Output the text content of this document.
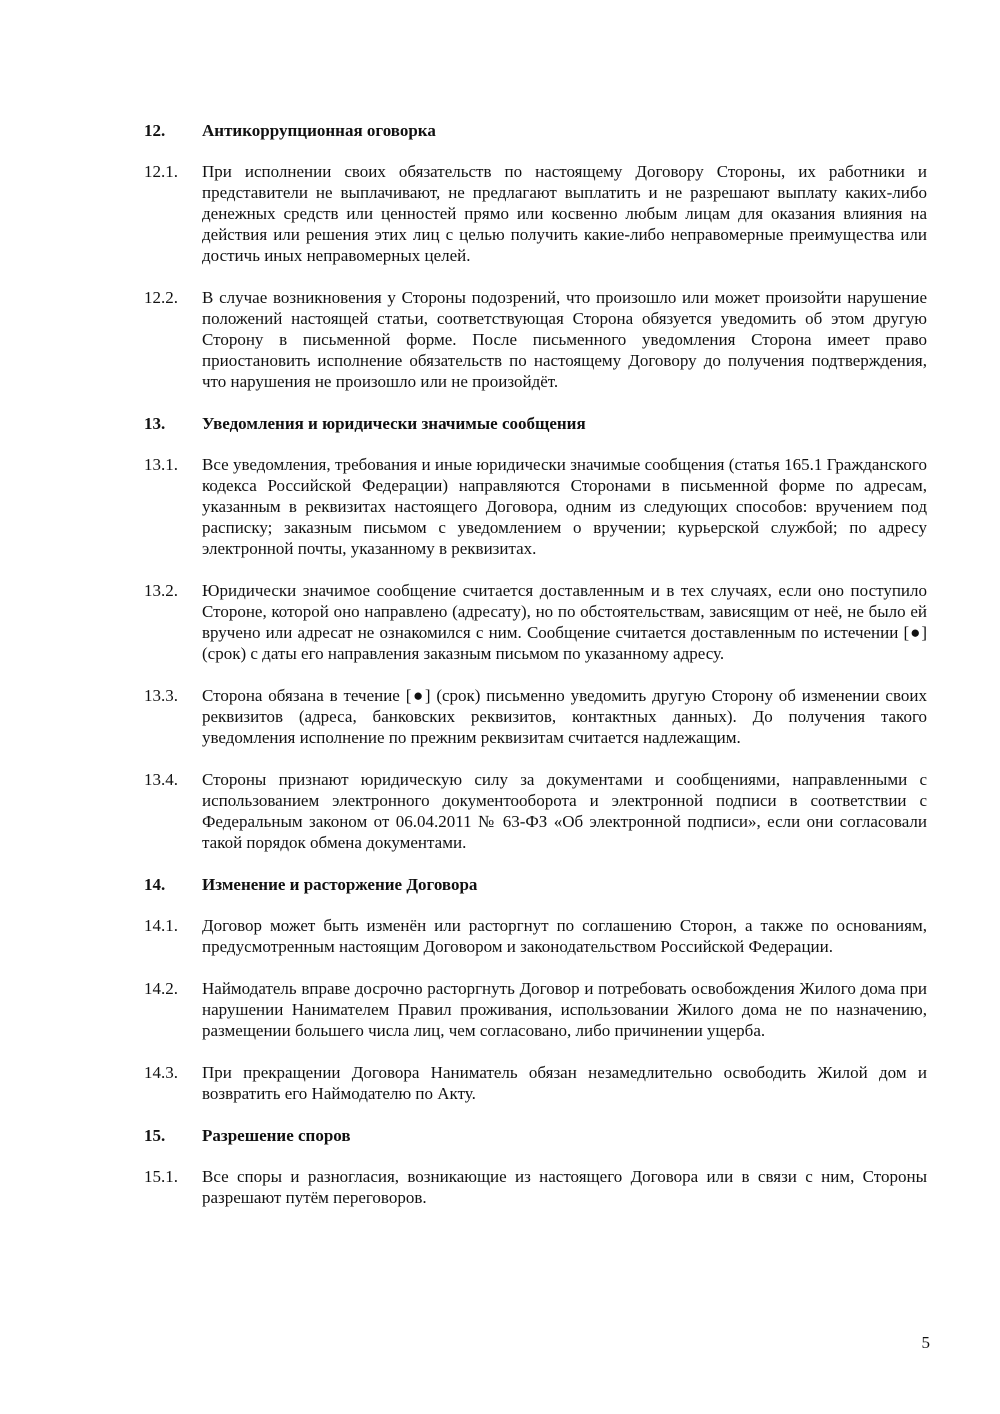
12.	Антикоррупционная оговорка
12.1.	При исполнении своих обязательств по настоящему Договору Стороны, их работники и представители не выплачивают, не предлагают выплатить и не разрешают выплату каких-либо денежных средств или ценностей прямо или косвенно любым лицам для оказания влияния на действия или решения этих лиц с целью получить какие-либо неправомерные преимущества или достичь иных неправомерных целей.
12.2.	В случае возникновения у Стороны подозрений, что произошло или может произойти нарушение положений настоящей статьи, соответствующая Сторона обязуется уведомить об этом другую Сторону в письменной форме. После письменного уведомления Сторона имеет право приостановить исполнение обязательств по настоящему Договору до получения подтверждения, что нарушения не произошло или не произойдёт.
13.	Уведомления и юридически значимые сообщения
13.1.	Все уведомления, требования и иные юридически значимые сообщения (статья 165.1 Гражданского кодекса Российской Федерации) направляются Сторонами в письменной форме по адресам, указанным в реквизитах настоящего Договора, одним из следующих способов: вручением под расписку; заказным письмом с уведомлением о вручении; курьерской службой; по адресу электронной почты, указанному в реквизитах.
13.2.	Юридически значимое сообщение считается доставленным и в тех случаях, если оно поступило Стороне, которой оно направлено (адресату), но по обстоятельствам, зависящим от неё, не было ей вручено или адресат не ознакомился с ним. Сообщение считается доставленным по истечении [●] (срок) с даты его направления заказным письмом по указанному адресу.
13.3.	Сторона обязана в течение [●] (срок) письменно уведомить другую Сторону об изменении своих реквизитов (адреса, банковских реквизитов, контактных данных). До получения такого уведомления исполнение по прежним реквизитам считается надлежащим.
13.4.	Стороны признают юридическую силу за документами и сообщениями, направленными с использованием электронного документооборота и электронной подписи в соответствии с Федеральным законом от 06.04.2011 № 63-ФЗ «Об электронной подписи», если они согласовали такой порядок обмена документами.
14.	Изменение и расторжение Договора
14.1.	Договор может быть изменён или расторгнут по соглашению Сторон, а также по основаниям, предусмотренным настоящим Договором и законодательством Российской Федерации.
14.2.	Наймодатель вправе досрочно расторгнуть Договор и потребовать освобождения Жилого дома при нарушении Нанимателем Правил проживания, использовании Жилого дома не по назначению, размещении большего числа лиц, чем согласовано, либо причинении ущерба.
14.3.	При прекращении Договора Наниматель обязан незамедлительно освободить Жилой дом и возвратить его Наймодателю по Акту.
15.	Разрешение споров
15.1.	Все споры и разногласия, возникающие из настоящего Договора или в связи с ним, Стороны разрешают путём переговоров.
5
